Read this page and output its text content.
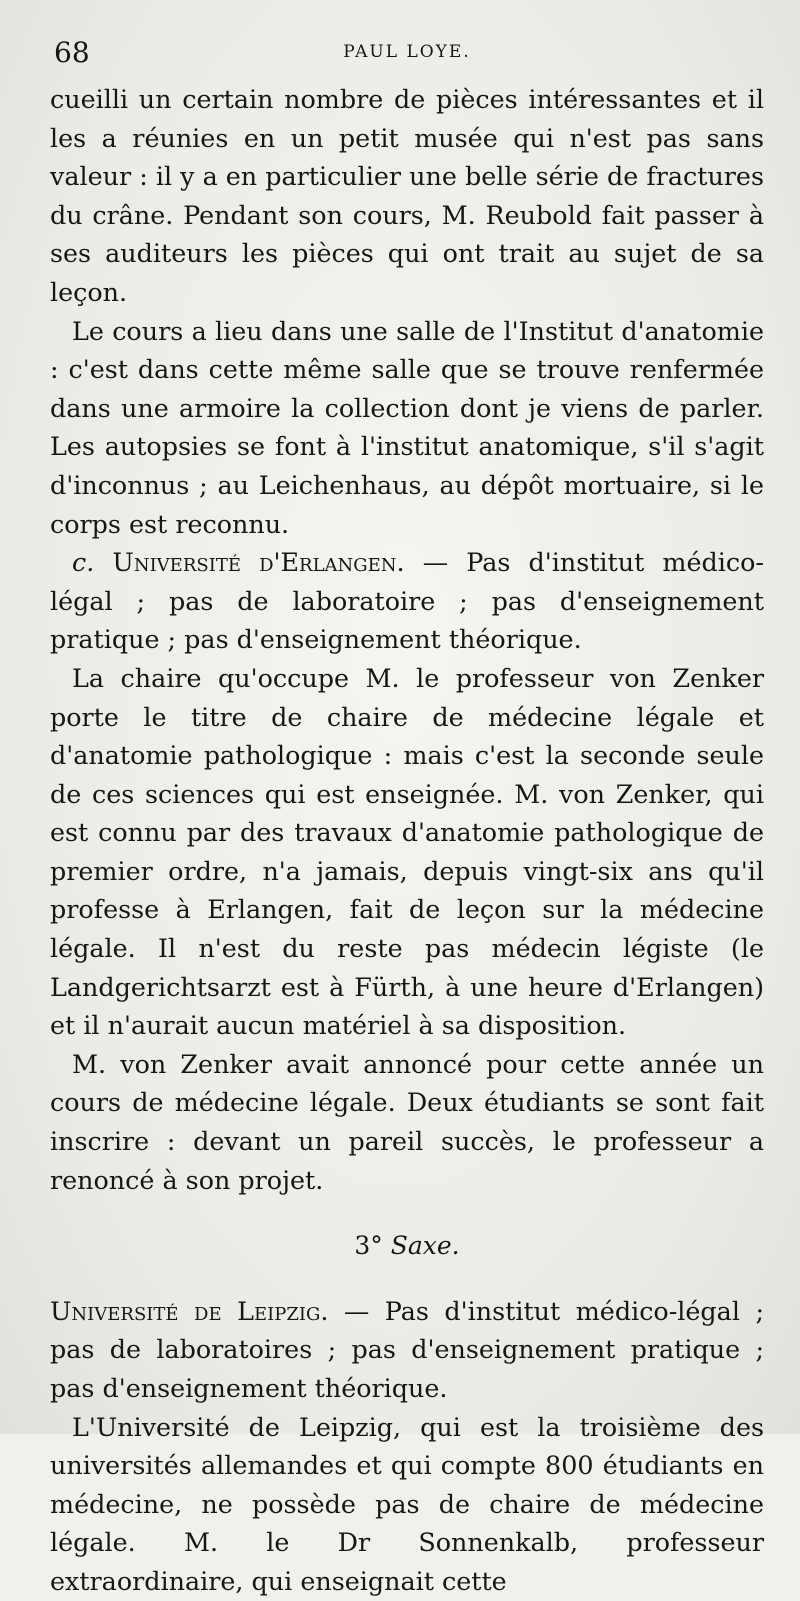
68	PAUL LOYE.

cueilli un certain nombre de pièces intéressantes et il les a réunies en un petit musée qui n'est pas sans valeur : il y a en particulier une belle série de fractures du crâne. Pendant son cours, M. Reubold fait passer à ses auditeurs les pièces qui ont trait au sujet de sa leçon.

Le cours a lieu dans une salle de l'Institut d'anatomie : c'est dans cette même salle que se trouve renfermée dans une armoire la collection dont je viens de parler. Les autopsies se font à l'institut anatomique, s'il s'agit d'inconnus ; au Leichenhaus, au dépôt mortuaire, si le corps est reconnu.

c. Université d'Erlangen. — Pas d'institut médico-légal ; pas de laboratoire ; pas d'enseignement pratique ; pas d'enseignement théorique.

La chaire qu'occupe M. le professeur von Zenker porte le titre de chaire de médecine légale et d'anatomie pathologique : mais c'est la seconde seule de ces sciences qui est enseignée. M. von Zenker, qui est connu par des travaux d'anatomie pathologique de premier ordre, n'a jamais, depuis vingt-six ans qu'il professe à Erlangen, fait de leçon sur la médecine légale. Il n'est du reste pas médecin légiste (le Landgerichtsarzt est à Fürth, à une heure d'Erlangen) et il n'aurait aucun matériel à sa disposition.

M. von Zenker avait annoncé pour cette année un cours de médecine légale. Deux étudiants se sont fait inscrire : devant un pareil succès, le professeur a renoncé à son projet.

3° Saxe.

Université de Leipzig. — Pas d'institut médico-légal ; pas de laboratoires ; pas d'enseignement pratique ; pas d'enseignement théorique.

L'Université de Leipzig, qui est la troisième des universités allemandes et qui compte 800 étudiants en médecine, ne possède pas de chaire de médecine légale. M. le Dr Sonnenkalb, professeur extraordinaire, qui enseignait cette
